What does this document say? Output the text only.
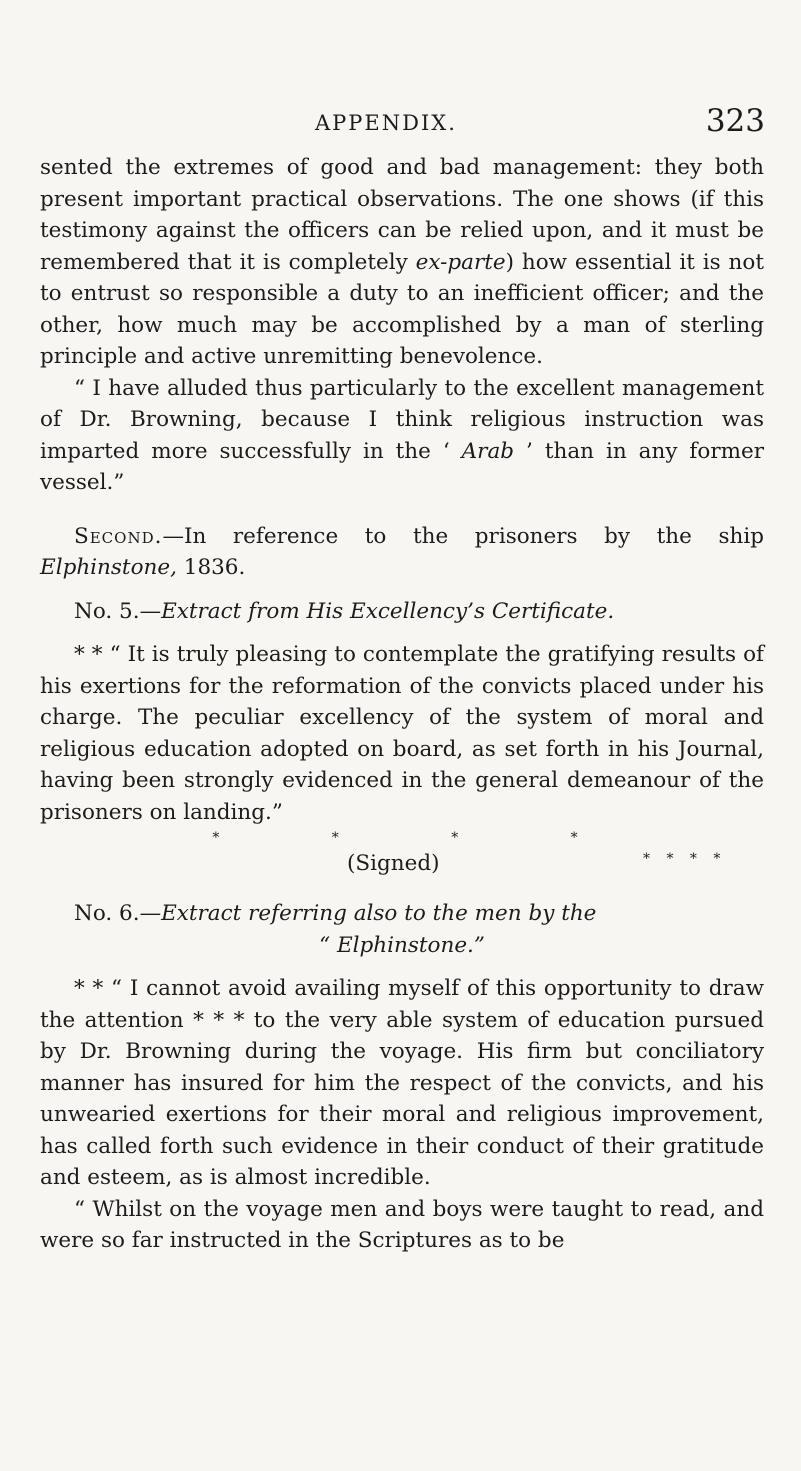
APPENDIX.	323

sented the extremes of good and bad management: they both present important practical observations. The one shows (if this testimony against the officers can be relied upon, and it must be remembered that it is completely ex-parte) how essential it is not to entrust so responsible a duty to an inefficient officer; and the other, how much may be accomplished by a man of sterling principle and active unremitting benevolence.

“ I have alluded thus particularly to the excellent management of Dr. Browning, because I think religious instruction was imparted more successfully in the ‘ Arab ’ than in any former vessel.”

Second.—In reference to the prisoners by the ship Elphinstone, 1836.

No. 5.—Extract from His Excellency’s Certificate.

* * “ It is truly pleasing to contemplate the gratifying results of his exertions for the reformation of the convicts placed under his charge. The peculiar excellency of the system of moral and religious education adopted on board, as set forth in his Journal, having been strongly evidenced in the general demeanour of the prisoners on landing.”

* * * *
(Signed)	* * * *

No. 6.—Extract referring also to the men by the

“ Elphinstone.”

* * “ I cannot avoid availing myself of this opportunity to draw the attention * * * to the very able system of education pursued by Dr. Browning during the voyage. His firm but conciliatory manner has insured for him the respect of the convicts, and his unwearied exertions for their moral and religious improvement, has called forth such evidence in their conduct of their gratitude and esteem, as is almost incredible.

“ Whilst on the voyage men and boys were taught to read, and were so far instructed in the Scriptures as to be
